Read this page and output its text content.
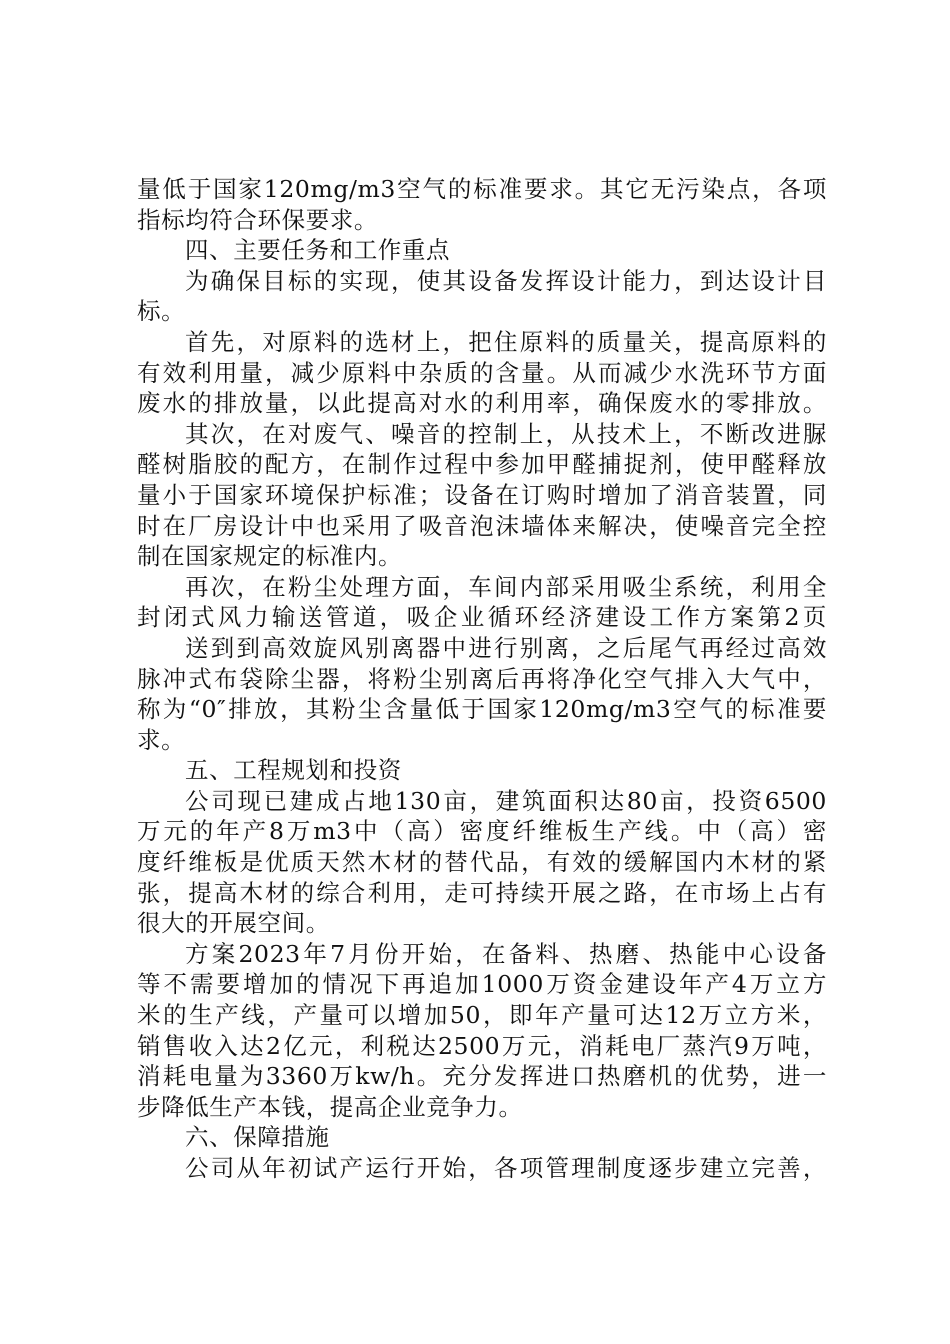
量低于国家120mg/m3空气的标准要求。其它无污染点，各项
指标均符合环保要求。
四、主要任务和工作重点
为确保目标的实现，使其设备发挥设计能力，到达设计目
标。
首先，对原料的选材上，把住原料的质量关，提高原料的
有效利用量，减少原料中杂质的含量。从而减少水洗环节方面
废水的排放量，以此提高对水的利用率，确保废水的零排放。
其次，在对废气、噪音的控制上，从技术上，不断改进脲
醛树脂胶的配方，在制作过程中参加甲醛捕捉剂，使甲醛释放
量小于国家环境保护标准；设备在订购时增加了消音装置，同
时在厂房设计中也采用了吸音泡沫墙体来解决，使噪音完全控
制在国家规定的标准内。
再次，在粉尘处理方面，车间内部采用吸尘系统，利用全
封闭式风力输送管道，吸企业循环经济建设工作方案第2页
送到到高效旋风别离器中进行别离，之后尾气再经过高效
脉冲式布袋除尘器，将粉尘别离后再将净化空气排入大气中，
称为“0″排放，其粉尘含量低于国家120mg/m3空气的标准要
求。
五、工程规划和投资
公司现已建成占地130亩，建筑面积达80亩，投资6500
万元的年产8万m3中（高）密度纤维板生产线。中（高）密
度纤维板是优质天然木材的替代品，有效的缓解国内木材的紧
张，提高木材的综合利用，走可持续开展之路，在市场上占有
很大的开展空间。
方案2023年7月份开始，在备料、热磨、热能中心设备
等不需要增加的情况下再追加1000万资金建设年产4万立方
米的生产线，产量可以增加50，即年产量可达12万立方米，
销售收入达2亿元，利税达2500万元，消耗电厂蒸汽9万吨，
消耗电量为3360万kw/h。充分发挥进口热磨机的优势，进一
步降低生产本钱，提高企业竞争力。
六、保障措施
公司从年初试产运行开始，各项管理制度逐步建立完善，
